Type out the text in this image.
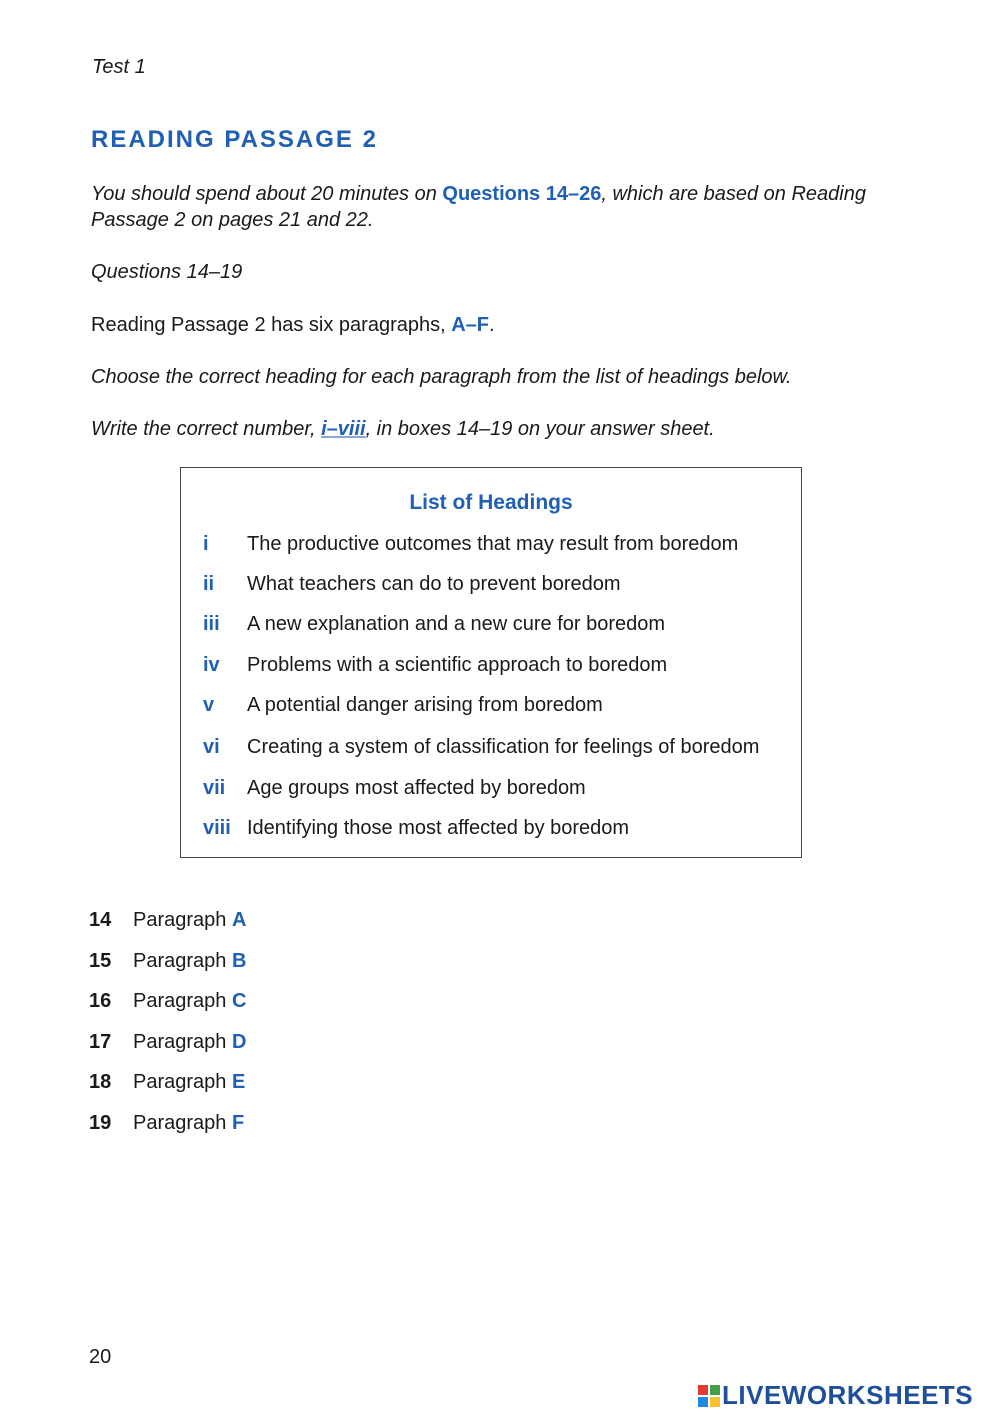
Test 1
READING PASSAGE 2
You should spend about 20 minutes on Questions 14–26, which are based on Reading Passage 2 on pages 21 and 22.
Questions 14–19
Reading Passage 2 has six paragraphs, A–F.
Choose the correct heading for each paragraph from the list of headings below.
Write the correct number, i–viii, in boxes 14–19 on your answer sheet.
List of Headings
i The productive outcomes that may result from boredom
ii What teachers can do to prevent boredom
iii A new explanation and a new cure for boredom
iv Problems with a scientific approach to boredom
v A potential danger arising from boredom
vi Creating a system of classification for feelings of boredom
vii Age groups most affected by boredom
viii Identifying those most affected by boredom
14 Paragraph A
15 Paragraph B
16 Paragraph C
17 Paragraph D
18 Paragraph E
19 Paragraph F
20
LIVEWORKSHEETS
